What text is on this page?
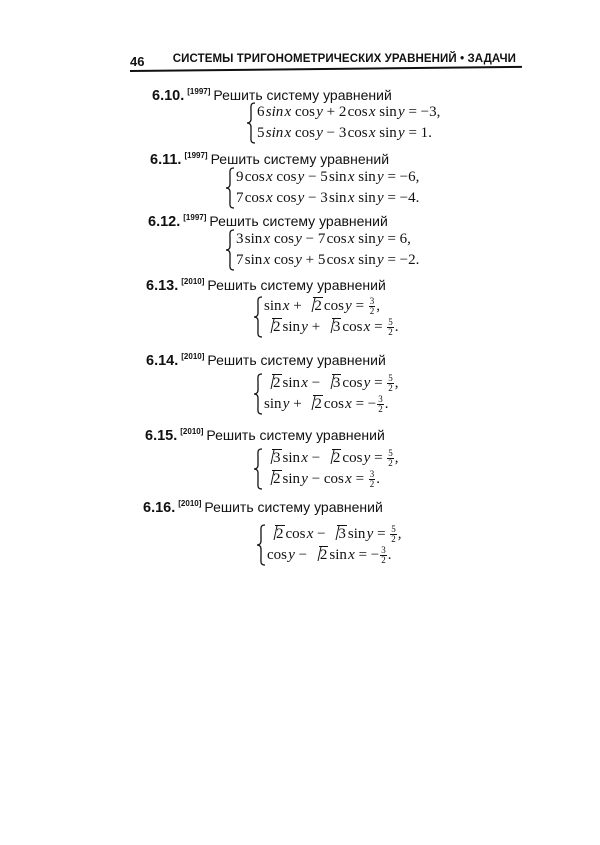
46 СИСТЕМЫ ТРИГОНОМЕТРИЧЕСКИХ УРАВНЕНИЙ • ЗАДАЧИ
6.10. [1997] Решить систему уравнений
6 sin x cos y + 2 cos x sin y = −3,
5 sin x cos y − 3 cos x sin y = 1.
6.11. [1997] Решить систему уравнений
9 cos x cos y − 5 sin x sin y = −6,
7 cos x cos y − 3 sin x sin y = −4.
6.12. [1997] Решить систему уравнений
3 sin x cos y − 7 cos x sin y = 6,
7 sin x cos y + 5 cos x sin y = −2.
6.13. [2010] Решить систему уравнений
sin x + 2 cos $y = \frac{3}{2}$ ,
2 sin y + 3 cos $x = \frac{5}{2}$ .
6.14. [2010] Решить систему уравнений
2 sin x − 3 cos $y = \frac{5}{2}$ ,
sin y + 2 cos x = − $\frac{3}{2}$ .
6.15. [2010] Решить систему уравнений
3 sin x − 2 cos $y = \frac{5}{2}$ ,
2 sin y − cos $x = \frac{3}{2}$ .
6.16. [2010] Решить систему уравнений
2 cos x − 3 sin $y = \frac{5}{2}$ ,
cos y − 2 sin x = − $\frac{3}{2}$ .
